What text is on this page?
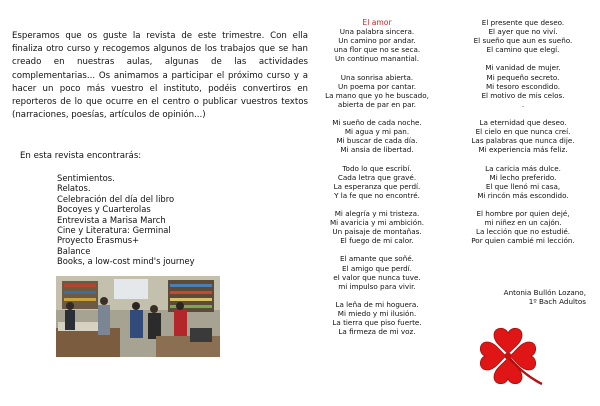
Esperamos que os guste la revista de este trimestre. Con ella finaliza otro curso y recogemos algunos de los trabajos que se han creado en nuestras aulas, algunas de las actividades complementarias... Os animamos a participar el próximo curso y a hacer un poco más vuestro el instituto, podéis convertiros en reporteros de lo que ocurre en el centro o publicar vuestros textos (narraciones, poesías, artículos de opinión...)

En esta revista encontrarás:

Sentimientos.
Relatos.
Celebración del día del libro
Bocoyes y Cuarterolas
Entrevista a Marisa March
Cine y Literatura: Germinal
Proyecto Erasmus+
Balance
Books, a low-cost mind's journey
El amor
Una palabra sincera.
Un camino por andar.
una flor que no se seca.
Un continuo manantial.
Una sonrisa abierta.
Un poema por cantar.
La mano que yo he buscado,
abierta de par en par.
Mi sueño de cada noche.
Mi agua y mi pan.
Mi buscar de cada día.
Mi ansia de libertad.
Todo lo que escribí.
Cada letra que gravé.
La esperanza que perdí.
Y la fe que no encontré.
Mi alegría y mi tristeza.
Mi avaricia y mi ambición.
Un paisaje de montañas.
El fuego de mi calor.
El amante que soñé.
El amigo que perdí.
el valor que nunca tuve.
mi impulso para vivir.
La leña de mi hoguera.
Mi miedo y mi ilusión.
La tierra que piso fuerte.
La firmeza de mi voz.
El presente que deseo.
El ayer que no viví.
El sueño que aun es sueño.
El camino que elegí.
Mi vanidad de mujer.
Mi pequeño secreto.
Mi tesoro escondido.
El motivo de mis celos.
.
La eternidad que deseo.
El cielo en que nunca creí.
Las palabras que nunca dije.
Mi experiencia más feliz.
La caricia más dulce.
Mi lecho preferido.
El que llenó mi casa,
Mi rincón más escondido.
El hombre por quien dejé,
mi niñez en un cajón.
La lección que no estudié.
Por quien cambié mi lección.
Antonia Bullón Lozano,
1º Bach Adultos
